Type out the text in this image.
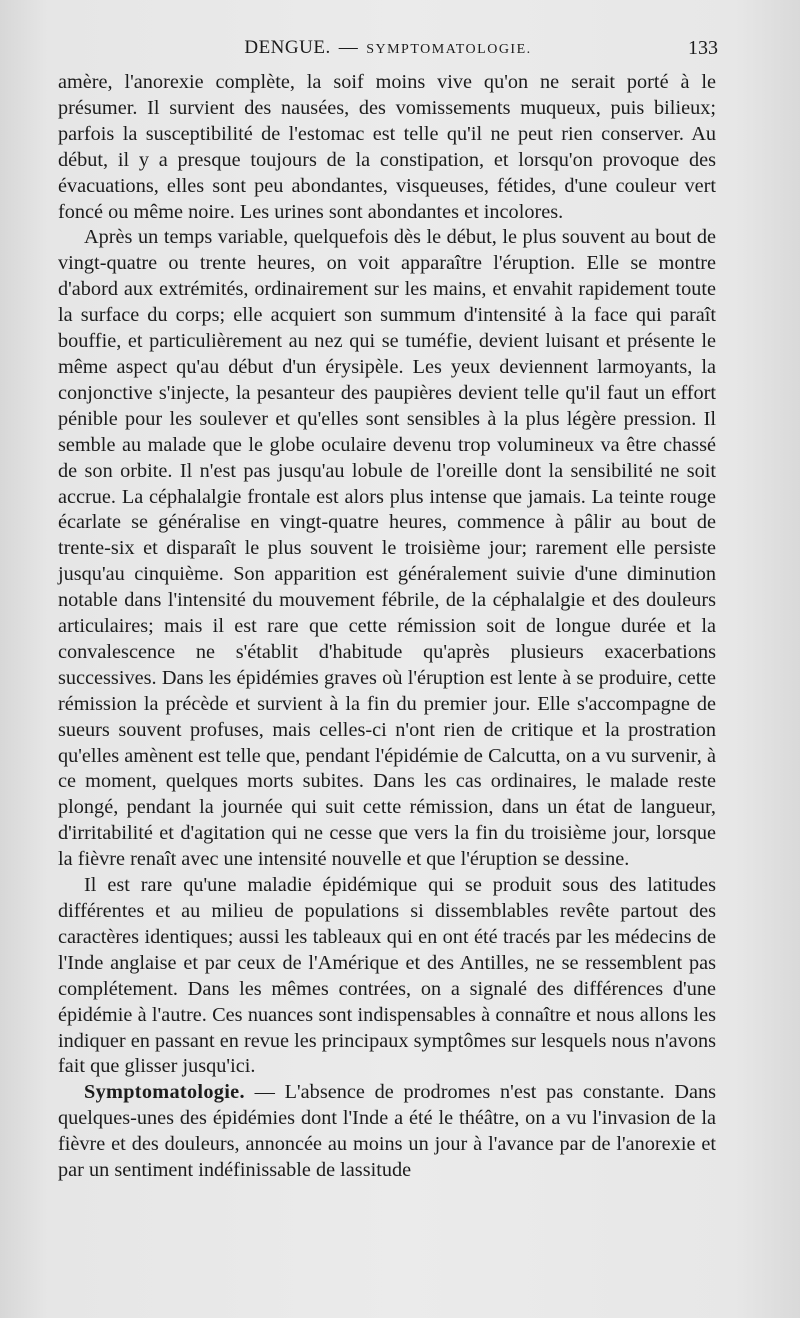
DENGUE. — SYMPTOMATOLOGIE.	133

amère, l'anorexie complète, la soif moins vive qu'on ne serait porté à le présumer. Il survient des nausées, des vomissements muqueux, puis bilieux; parfois la susceptibilité de l'estomac est telle qu'il ne peut rien conserver. Au début, il y a presque toujours de la constipation, et lorsqu'on provoque des évacuations, elles sont peu abondantes, visqueuses, fétides, d'une couleur vert foncé ou même noire. Les urines sont abondantes et incolores.

Après un temps variable, quelquefois dès le début, le plus souvent au bout de vingt-quatre ou trente heures, on voit apparaître l'éruption. Elle se montre d'abord aux extrémités, ordinairement sur les mains, et envahit rapidement toute la surface du corps; elle acquiert son summum d'intensité à la face qui paraît bouffie, et particulièrement au nez qui se tuméfie, devient luisant et présente le même aspect qu'au début d'un érysipèle. Les yeux deviennent larmoyants, la conjonctive s'injecte, la pesanteur des paupières devient telle qu'il faut un effort pénible pour les soulever et qu'elles sont sensibles à la plus légère pression. Il semble au malade que le globe oculaire devenu trop volumineux va être chassé de son orbite. Il n'est pas jusqu'au lobule de l'oreille dont la sensibilité ne soit accrue. La céphalalgie frontale est alors plus intense que jamais. La teinte rouge écarlate se généralise en vingt-quatre heures, commence à pâlir au bout de trente-six et disparaît le plus souvent le troisième jour; rarement elle persiste jusqu'au cinquième. Son apparition est généralement suivie d'une diminution notable dans l'intensité du mouvement fébrile, de la céphalalgie et des douleurs articulaires; mais il est rare que cette rémission soit de longue durée et la convalescence ne s'établit d'habitude qu'après plusieurs exacerbations successives. Dans les épidémies graves où l'éruption est lente à se produire, cette rémission la précède et survient à la fin du premier jour. Elle s'accompagne de sueurs souvent profuses, mais celles-ci n'ont rien de critique et la prostration qu'elles amènent est telle que, pendant l'épidémie de Calcutta, on a vu survenir, à ce moment, quelques morts subites. Dans les cas ordinaires, le malade reste plongé, pendant la journée qui suit cette rémission, dans un état de langueur, d'irritabilité et d'agitation qui ne cesse que vers la fin du troisième jour, lorsque la fièvre renaît avec une intensité nouvelle et que l'éruption se dessine.

Il est rare qu'une maladie épidémique qui se produit sous des latitudes différentes et au milieu de populations si dissemblables revête partout des caractères identiques; aussi les tableaux qui en ont été tracés par les médecins de l'Inde anglaise et par ceux de l'Amérique et des Antilles, ne se ressemblent pas complétement. Dans les mêmes contrées, on a signalé des différences d'une épidémie à l'autre. Ces nuances sont indispensables à connaître et nous allons les indiquer en passant en revue les principaux symptômes sur lesquels nous n'avons fait que glisser jusqu'ici.

Symptomatologie. — L'absence de prodromes n'est pas constante. Dans quelques-unes des épidémies dont l'Inde a été le théâtre, on a vu l'invasion de la fièvre et des douleurs, annoncée au moins un jour à l'avance par de l'anorexie et par un sentiment indéfinissable de lassitude
